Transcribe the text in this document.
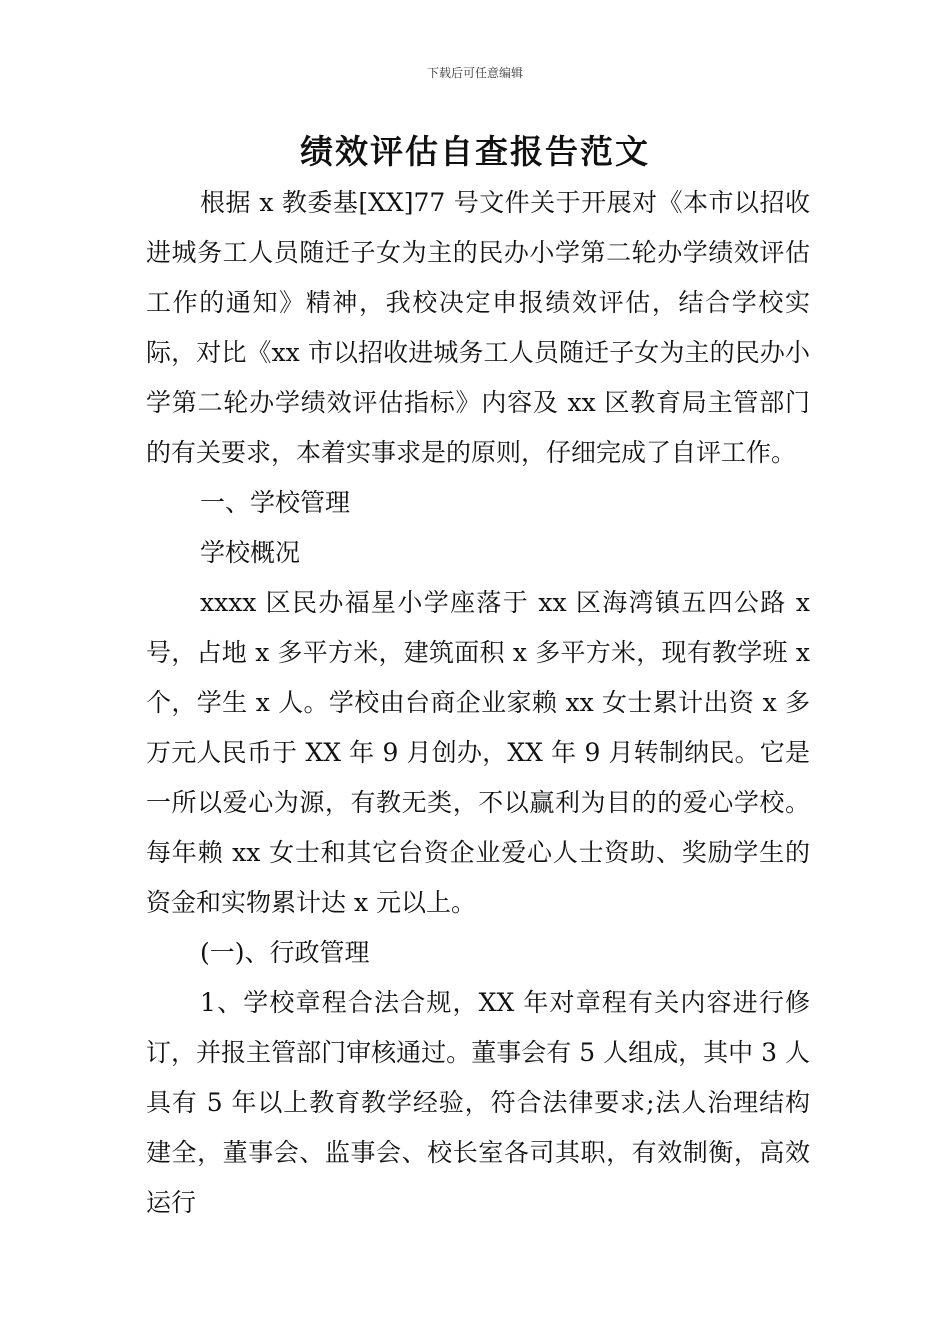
下载后可任意编辑
绩效评估自查报告范文

根据 x 教委基[XX]77 号文件关于开展对《本市以招收进城务工人员随迁子女为主的民办小学第二轮办学绩效评估工作的通知》精神，我校决定申报绩效评估，结合学校实际，对比《xx 市以招收进城务工人员随迁子女为主的民办小学第二轮办学绩效评估指标》内容及 xx 区教育局主管部门的有关要求，本着实事求是的原则，仔细完成了自评工作。

一、学校管理

学校概况

xxxx 区民办福星小学座落于 xx 区海湾镇五四公路 x 号，占地 x 多平方米，建筑面积 x 多平方米，现有教学班 x 个，学生 x 人。学校由台商企业家赖 xx 女士累计出资 x 多万元人民币于 XX 年 9 月创办，XX 年 9 月转制纳民。它是一所以爱心为源，有教无类，不以赢利为目的的爱心学校。每年赖 xx 女士和其它台资企业爱心人士资助、奖励学生的资金和实物累计达 x 元以上。

(一)、行政管理

1、学校章程合法合规，XX 年对章程有关内容进行修订，并报主管部门审核通过。董事会有 5 人组成，其中 3 人具有 5 年以上教育教学经验，符合法律要求;法人治理结构建全，董事会、监事会、校长室各司其职，有效制衡，高效运行
